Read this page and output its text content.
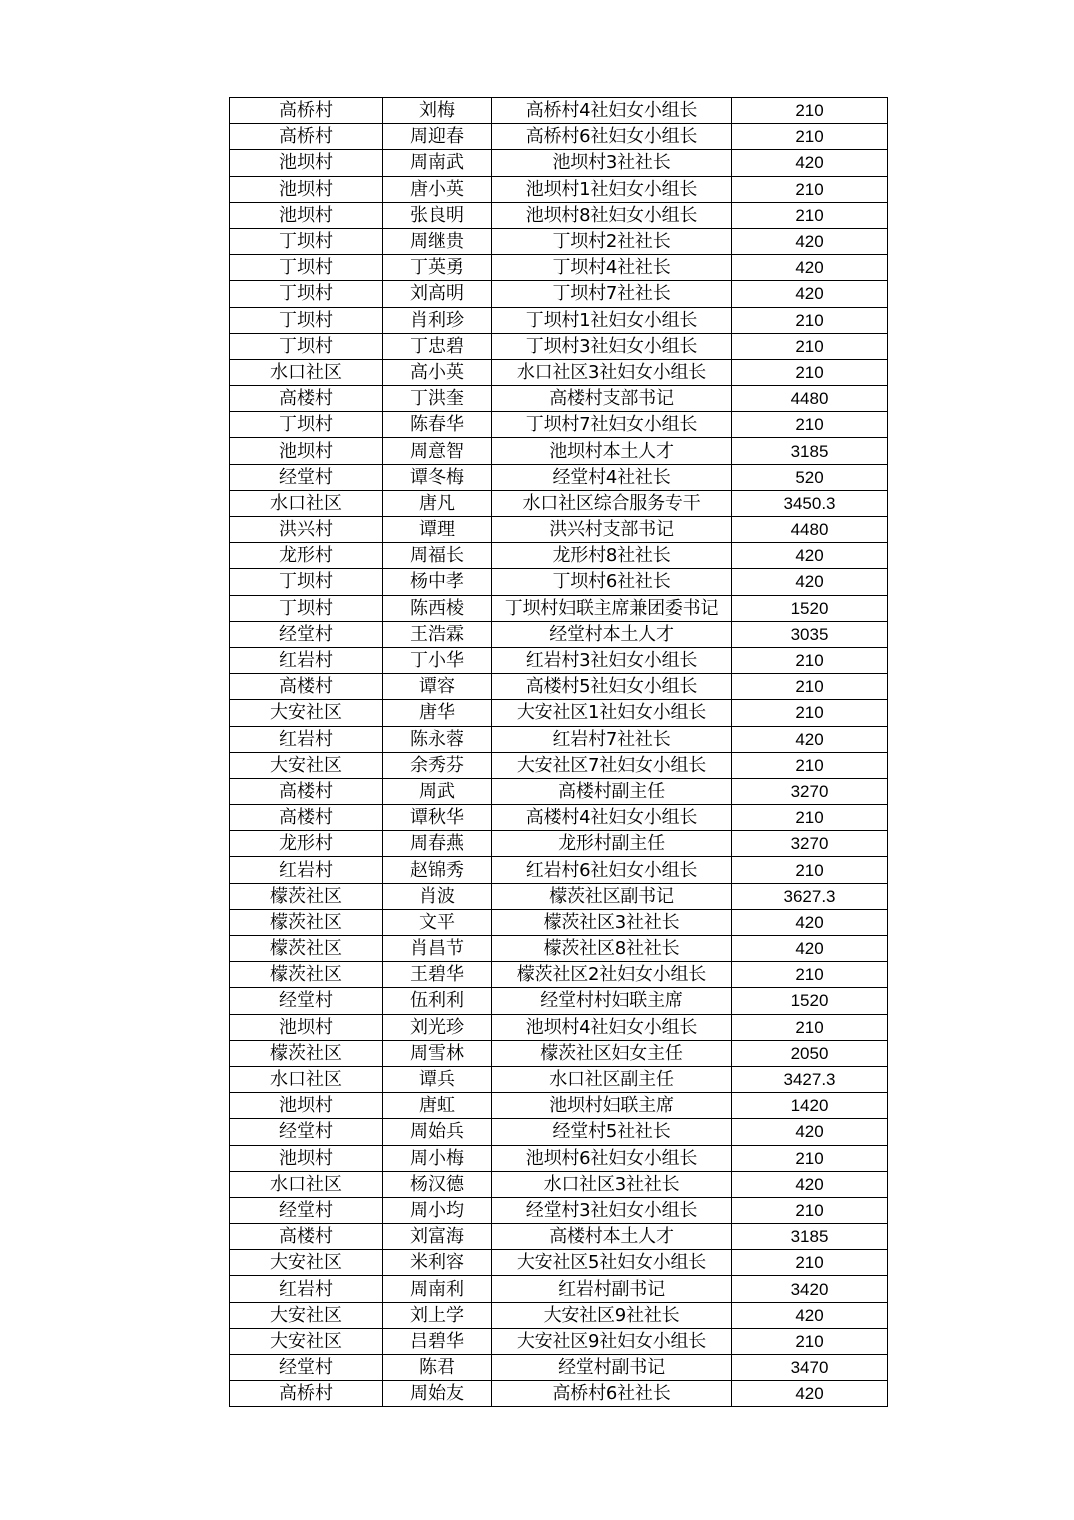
高桥村	刘梅	高桥村4社妇女小组长	210
高桥村	周迎春	高桥村6社妇女小组长	210
池坝村	周南武	池坝村3社社长	420
池坝村	唐小英	池坝村1社妇女小组长	210
池坝村	张良明	池坝村8社妇女小组长	210
丁坝村	周继贵	丁坝村2社社长	420
丁坝村	丁英勇	丁坝村4社社长	420
丁坝村	刘高明	丁坝村7社社长	420
丁坝村	肖利珍	丁坝村1社妇女小组长	210
丁坝村	丁忠碧	丁坝村3社妇女小组长	210
水口社区	高小英	水口社区3社妇女小组长	210
高楼村	丁洪奎	高楼村支部书记	4480
丁坝村	陈春华	丁坝村7社妇女小组长	210
池坝村	周意智	池坝村本土人才	3185
经堂村	谭冬梅	经堂村4社社长	520
水口社区	唐凡	水口社区综合服务专干	3450.3
洪兴村	谭理	洪兴村支部书记	4480
龙形村	周福长	龙形村8社社长	420
丁坝村	杨中孝	丁坝村6社社长	420
丁坝村	陈西棱	丁坝村妇联主席兼团委书记	1520
经堂村	王浩霖	经堂村本土人才	3035
红岩村	丁小华	红岩村3社妇女小组长	210
高楼村	谭容	高楼村5社妇女小组长	210
大安社区	唐华	大安社区1社妇女小组长	210
红岩村	陈永蓉	红岩村7社社长	420
大安社区	余秀芬	大安社区7社妇女小组长	210
高楼村	周武	高楼村副主任	3270
高楼村	谭秋华	高楼村4社妇女小组长	210
龙形村	周春燕	龙形村副主任	3270
红岩村	赵锦秀	红岩村6社妇女小组长	210
檬茨社区	肖波	檬茨社区副书记	3627.3
檬茨社区	文平	檬茨社区3社社长	420
檬茨社区	肖昌节	檬茨社区8社社长	420
檬茨社区	王碧华	檬茨社区2社妇女小组长	210
经堂村	伍利利	经堂村村妇联主席	1520
池坝村	刘光珍	池坝村4社妇女小组长	210
檬茨社区	周雪林	檬茨社区妇女主任	2050
水口社区	谭兵	水口社区副主任	3427.3
池坝村	唐虹	池坝村妇联主席	1420
经堂村	周始兵	经堂村5社社长	420
池坝村	周小梅	池坝村6社妇女小组长	210
水口社区	杨汉德	水口社区3社社长	420
经堂村	周小均	经堂村3社妇女小组长	210
高楼村	刘富海	高楼村本土人才	3185
大安社区	米利容	大安社区5社妇女小组长	210
红岩村	周南利	红岩村副书记	3420
大安社区	刘上学	大安社区9社社长	420
大安社区	吕碧华	大安社区9社妇女小组长	210
经堂村	陈君	经堂村副书记	3470
高桥村	周始友	高桥村6社社长	420
